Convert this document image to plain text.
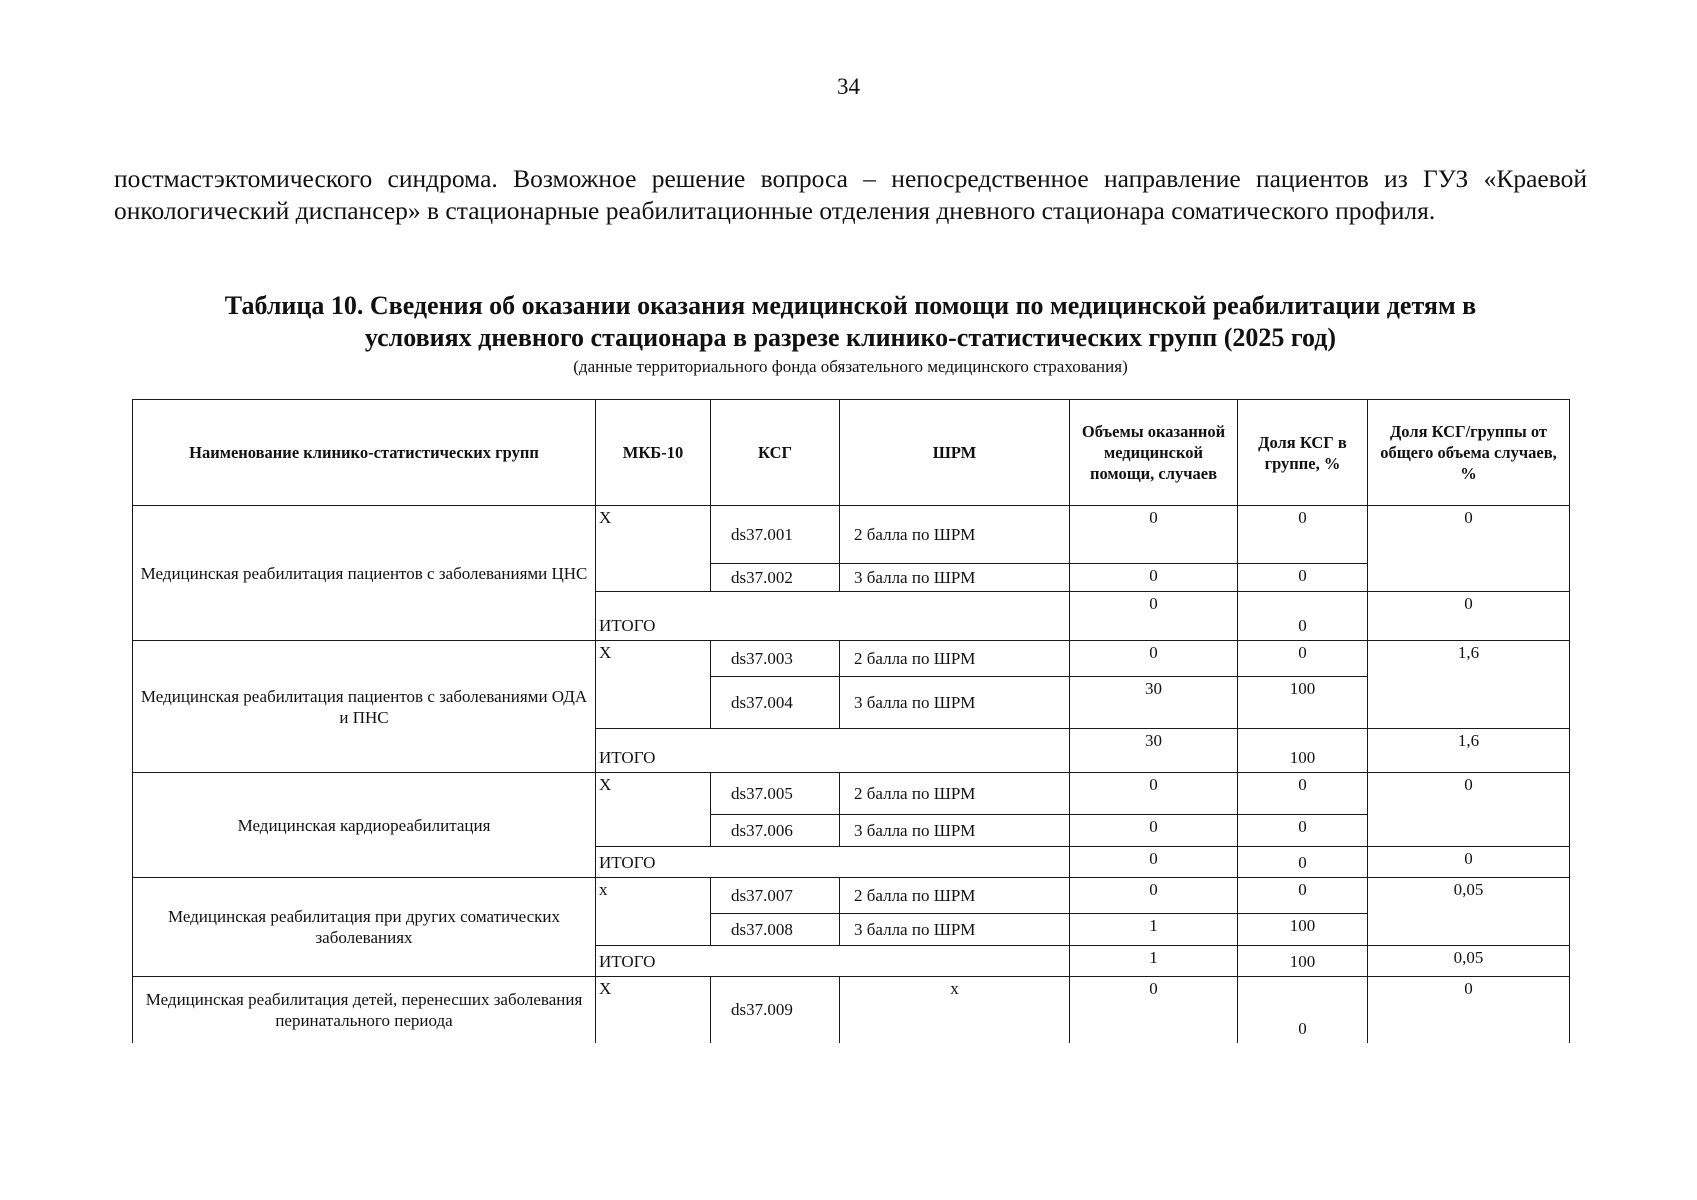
34

постмастэктомического синдрома. Возможное решение вопроса – непосредственное направление пациентов из ГУЗ «Краевой онкологический диспансер» в стационарные реабилитационные отделения дневного стационара соматического профиля.

Таблица 10. Сведения об оказании оказания медицинской помощи по медицинской реабилитации детям в
условиях дневного стационара в разрезе клинико-статистических групп (2025 год)
(данные территориального фонда обязательного медицинского страхования)
Наименование клинико-статистических групп	МКБ-10	КСГ	ШРМ	Объемы оказанной медицинской помощи, случаев	Доля КСГ в группе, %	Доля КСГ/группы от общего объема случаев, %
Медицинская реабилитация пациентов с заболеваниями ЦНС	X	ds37.001	2 балла по ШРМ	0	0	0
		ds37.002	3 балла по ШРМ	0	0	
	ИТОГО			0	0	0
Медицинская реабилитация пациентов с заболеваниями ОДА и ПНС	X	ds37.003	2 балла по ШРМ	0	0	1,6
		ds37.004	3 балла по ШРМ	30	100	
	ИТОГО			30	100	1,6
Медицинская кардиореабилитация	X	ds37.005	2 балла по ШРМ	0	0	0
		ds37.006	3 балла по ШРМ	0	0	
	ИТОГО			0	0	0
Медицинская реабилитация при других соматических заболеваниях	x	ds37.007	2 балла по ШРМ	0	0	0,05
		ds37.008	3 балла по ШРМ	1	100	
	ИТОГО			1	100	0,05
Медицинская реабилитация детей, перенесших заболевания перинатального периода	X	ds37.009	x	0	0	0
